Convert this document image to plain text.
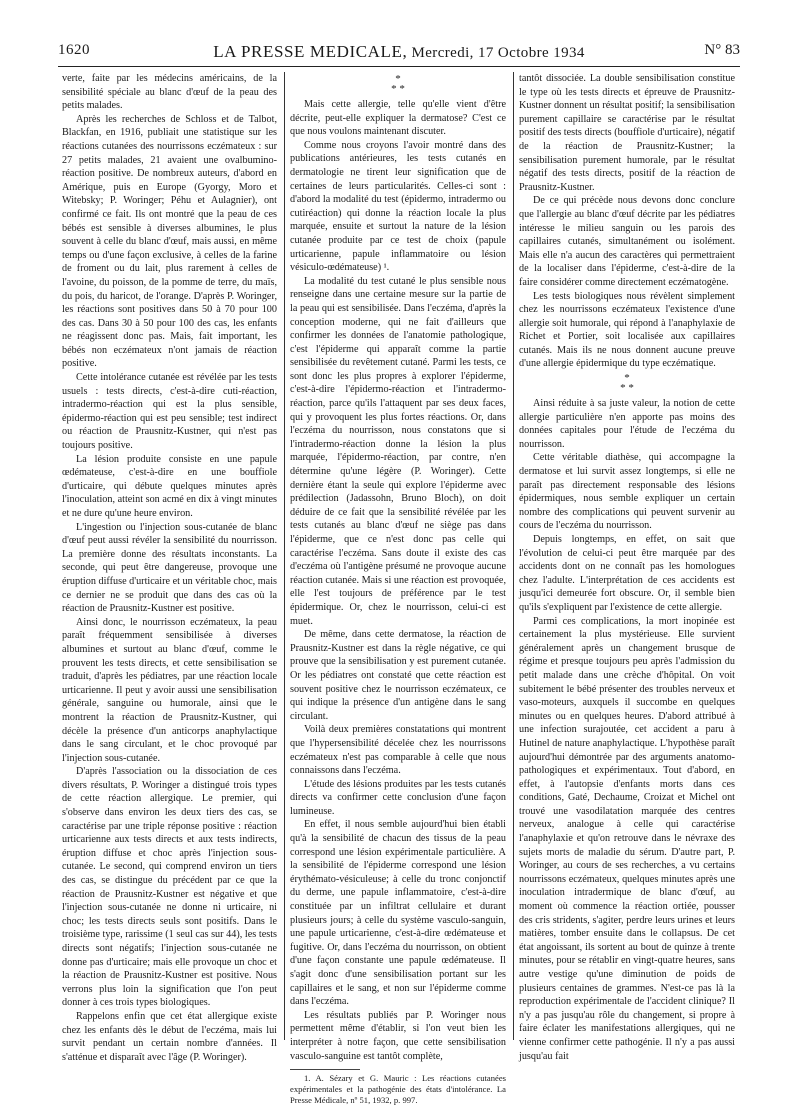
1620	LA PRESSE MEDICALE, Mercredi, 17 Octobre 1934	N° 83

verte, faite par les médecins américains, de la sensibilité spéciale au blanc d'œuf de la peau des petits malades.

Après les recherches de Schloss et de Talbot, Blackfan, en 1916, publiait une statistique sur les réactions cutanées des nourrissons eczémateux : sur 27 petits malades, 21 avaient une ovalbumino-réaction positive. De nombreux auteurs, d'abord en Amérique, puis en Europe (Gyorgy, Moro et Witebsky; P. Woringer; Péhu et Aulagnier), ont confirmé ce fait. Ils ont montré que la peau de ces bébés est sensible à diverses albumines, le plus souvent à celle du blanc d'œuf, mais aussi, en même temps ou d'une façon exclusive, à celles de la farine de froment ou du lait, plus rarement à celles de l'avoine, du poisson, de la pomme de terre, du maïs, du pois, du haricot, de l'orange. D'après P. Woringer, les réactions sont positives dans 50 à 70 pour 100 des cas. Dans 30 à 50 pour 100 des cas, les enfants ne réagissent donc pas. Mais, fait important, les bébés non eczémateux n'ont jamais de réaction positive.

Cette intolérance cutanée est révélée par les tests usuels : tests directs, c'est-à-dire cuti-réaction, intradermo-réaction qui est la plus sensible, épidermo-réaction qui est peu sensible; test indirect ou réaction de Prausnitz-Kustner, qui n'est pas toujours positive.

La lésion produite consiste en une papule œdémateuse, c'est-à-dire en une bouffiole d'urticaire, qui débute quelques minutes après l'inoculation, atteint son acmé en dix à vingt minutes et ne dure qu'une heure environ.

L'ingestion ou l'injection sous-cutanée de blanc d'œuf peut aussi révéler la sensibilité du nourrisson. La première donne des résultats inconstants. La seconde, qui peut être dangereuse, provoque une éruption diffuse d'urticaire et un véritable choc, mais ce dernier ne se produit que dans des cas où la réaction de Prausnitz-Kustner est positive.

Ainsi donc, le nourrisson eczémateux, la peau paraît fréquemment sensibilisée à diverses albumines et surtout au blanc d'œuf, comme le prouvent les tests directs, et cette sensibilisation se traduit, d'après les pédiatres, par une réaction locale urticarienne. Il peut y avoir aussi une sensibilisation générale, sanguine ou humorale, ainsi que le montrent la réaction de Prausnitz-Kustner, qui décèle la présence d'un anticorps anaphylactique dans le sang circulant, et le choc provoqué par l'injection sous-cutanée.

D'après l'association ou la dissociation de ces divers résultats, P. Woringer a distingué trois types de cette réaction allergique. Le premier, qui s'observe dans environ les deux tiers des cas, se caractérise par une triple réponse positive : réaction urticarienne aux tests directs et aux tests indirects, éruption diffuse et choc après l'injection sous-cutanée. Le second, qui comprend environ un tiers des cas, se distingue du précédent par ce que la réaction de Prausnitz-Kustner est négative et que l'injection sous-cutanée ne donne ni urticaire, ni choc; les tests directs seuls sont positifs. Dans le troisième type, rarissime (1 seul cas sur 44), les tests directs sont négatifs; l'injection sous-cutanée ne donne pas d'urticaire; mais elle provoque un choc et la réaction de Prausnitz-Kustner est positive. Nous verrons plus loin la signification que l'on peut donner à ces trois types biologiques.

Rappelons enfin que cet état allergique existe chez les enfants dès le début de l'eczéma, mais lui survit pendant un certain nombre d'années. Il s'atténue et disparaît avec l'âge (P. Woringer).

*
* *

Mais cette allergie, telle qu'elle vient d'être décrite, peut-elle expliquer la dermatose? C'est ce que nous voulons maintenant discuter.

Comme nous croyons l'avoir montré dans des publications antérieures, les tests cutanés en dermatologie ne tirent leur signification que de certaines de leurs particularités. Celles-ci sont : d'abord la modalité du test (épidermo, intradermo ou cutiréaction) qui donne la réaction locale la plus marquée, ensuite et surtout la nature de la lésion cutanée produite par ce test de choix (papule urticarienne, papule inflammatoire ou lésion vésiculo-œdémateuse) ¹.

La modalité du test cutané le plus sensible nous renseigne dans une certaine mesure sur la partie de la peau qui est sensibilisée. Dans l'eczéma, d'après la conception moderne, qui ne fait d'ailleurs que confirmer les données de l'anatomie pathologique, c'est l'épiderme qui apparaît comme la partie sensibilisée du revêtement cutané. Parmi les tests, ce sont donc les plus propres à explorer l'épiderme, c'est-à-dire l'épidermo-réaction et l'intradermo-réaction, parce qu'ils l'attaquent par ses deux faces, qui y provoquent les plus fortes réactions. Or, dans l'eczéma du nourrisson, nous constatons que si l'intradermo-réaction donne la lésion la plus marquée, l'épidermo-réaction, par contre, n'en détermine qu'une légère (P. Woringer). Cette dernière étant la seule qui explore l'épiderme avec prédilection (Jadassohn, Bruno Bloch), on doit déduire de ce fait que la sensibilité révélée par les tests cutanés au blanc d'œuf ne siège pas dans l'épiderme, que ce n'est donc pas celle qui caractérise l'eczéma. Sans doute il existe des cas d'eczéma où l'antigène présumé ne provoque aucune réaction cutanée. Mais si une réaction est provoquée, elle l'est toujours de préférence par le test épidermique. Or, chez le nourrisson, celui-ci est muet.

De même, dans cette dermatose, la réaction de Prausnitz-Kustner est dans la règle négative, ce qui prouve que la sensibilisation y est purement cutanée. Or les pédiatres ont constaté que cette réaction est souvent positive chez le nourrisson eczémateux, ce qui indique la présence d'un antigène dans le sang circulant.

Voilà deux premières constatations qui montrent que l'hypersensibilité décelée chez les nourrissons eczémateux n'est pas comparable à celle que nous connaissons dans l'eczéma.

L'étude des lésions produites par les tests cutanés directs va confirmer cette conclusion d'une façon lumineuse.

En effet, il nous semble aujourd'hui bien établi qu'à la sensibilité de chacun des tissus de la peau correspond une lésion expérimentale particulière. A la sensibilité de l'épiderme correspond une lésion érythémato-vésiculeuse; à celle du tronc conjonctif du derme, une papule inflammatoire, c'est-à-dire constituée par un infiltrat cellulaire et durant plusieurs jours; à celle du système vasculo-sanguin, une papule urticarienne, c'est-à-dire œdémateuse et fugitive. Or, dans l'eczéma du nourrisson, on obtient d'une façon constante une papule œdémateuse. Il s'agit donc d'une sensibilisation portant sur les capillaires et le sang, et non sur l'épiderme comme dans l'eczéma.

Les résultats publiés par P. Woringer nous permettent même d'établir, si l'on veut bien les interpréter à notre façon, que cette sensibilisation vasculo-sanguine est tantôt complète,

1. A. Sézary et G. Mauric : Les réactions cutanées expérimentales et la pathogénie des états d'intolérance. La Presse Médicale, nº 51, 1932, p. 997.

tantôt dissociée. La double sensibilisation constitue le type où les tests directs et épreuve de Prausnitz-Kustner donnent un résultat positif; la sensibilisation purement capillaire se caractérise par le résultat positif des tests directs (bouffiole d'urticaire), négatif de la réaction de Prausnitz-Kustner; la sensibilisation purement humorale, par le résultat négatif des tests directs, positif de la réaction de Prausnitz-Kustner.

De ce qui précède nous devons donc conclure que l'allergie au blanc d'œuf décrite par les pédiatres intéresse le milieu sanguin ou les parois des capillaires cutanés, simultanément ou isolément. Mais elle n'a aucun des caractères qui permettraient de la localiser dans l'épiderme, c'est-à-dire de la faire considérer comme directement eczématogène.

Les tests biologiques nous révèlent simplement chez les nourrissons eczémateux l'existence d'une allergie soit humorale, qui répond à l'anaphylaxie de Richet et Portier, soit localisée aux capillaires cutanés. Mais ils ne nous donnent aucune preuve d'une allergie épidermique du type eczématique.

*
* *

Ainsi réduite à sa juste valeur, la notion de cette allergie particulière n'en apporte pas moins des données capitales pour l'étude de l'eczéma du nourrisson.

Cette véritable diathèse, qui accompagne la dermatose et lui survit assez longtemps, si elle ne paraît pas directement responsable des lésions épidermiques, nous semble expliquer un certain nombre des complications qui peuvent survenir au cours de l'eczéma du nourrisson.

Depuis longtemps, en effet, on sait que l'évolution de celui-ci peut être marquée par des accidents dont on ne connaît pas les homologues chez l'adulte. L'interprétation de ces accidents est jusqu'ici demeurée fort obscure. Or, il semble bien qu'ils s'expliquent par l'existence de cette allergie.

Parmi ces complications, la mort inopinée est certainement la plus mystérieuse. Elle survient généralement après un changement brusque de régime et presque toujours peu après l'admission du petit malade dans une crèche d'hôpital. On voit subitement le bébé présenter des troubles nerveux et vaso-moteurs, auxquels il succombe en quelques minutes ou en quelques heures. D'abord attribué à une infection surajoutée, cet accident a paru à Hutinel de nature anaphylactique. L'hypothèse paraît aujourd'hui démontrée par des arguments anatomo-pathologiques et expérimentaux. Tout d'abord, en effet, à l'autopsie d'enfants morts dans ces conditions, Gaté, Dechaume, Croizat et Michel ont trouvé une vasodilatation marquée des centres nerveux, analogue à celle qui caractérise l'anaphylaxie et qu'on retrouve dans le névraxe des sujets morts de maladie du sérum. D'autre part, P. Woringer, au cours de ses recherches, a vu certains nourrissons eczémateux, quelques minutes après une inoculation intradermique de blanc d'œuf, au moment où commence la réaction ortiée, pousser des cris stridents, s'agiter, perdre leurs urines et leurs matières, tomber ensuite dans le collapsus. De cet état angoissant, ils sortent au bout de quinze à trente minutes, pour se rétablir en vingt-quatre heures, sans autre vestige qu'une diminution de poids de plusieurs centaines de grammes. N'est-ce pas là la reproduction expérimentale de l'accident clinique? Il n'y a pas jusqu'au rôle du changement, si propre à faire éclater les manifestations allergiques, qui ne vienne confirmer cette pathogénie. Il n'y a pas aussi jusqu'au fait
